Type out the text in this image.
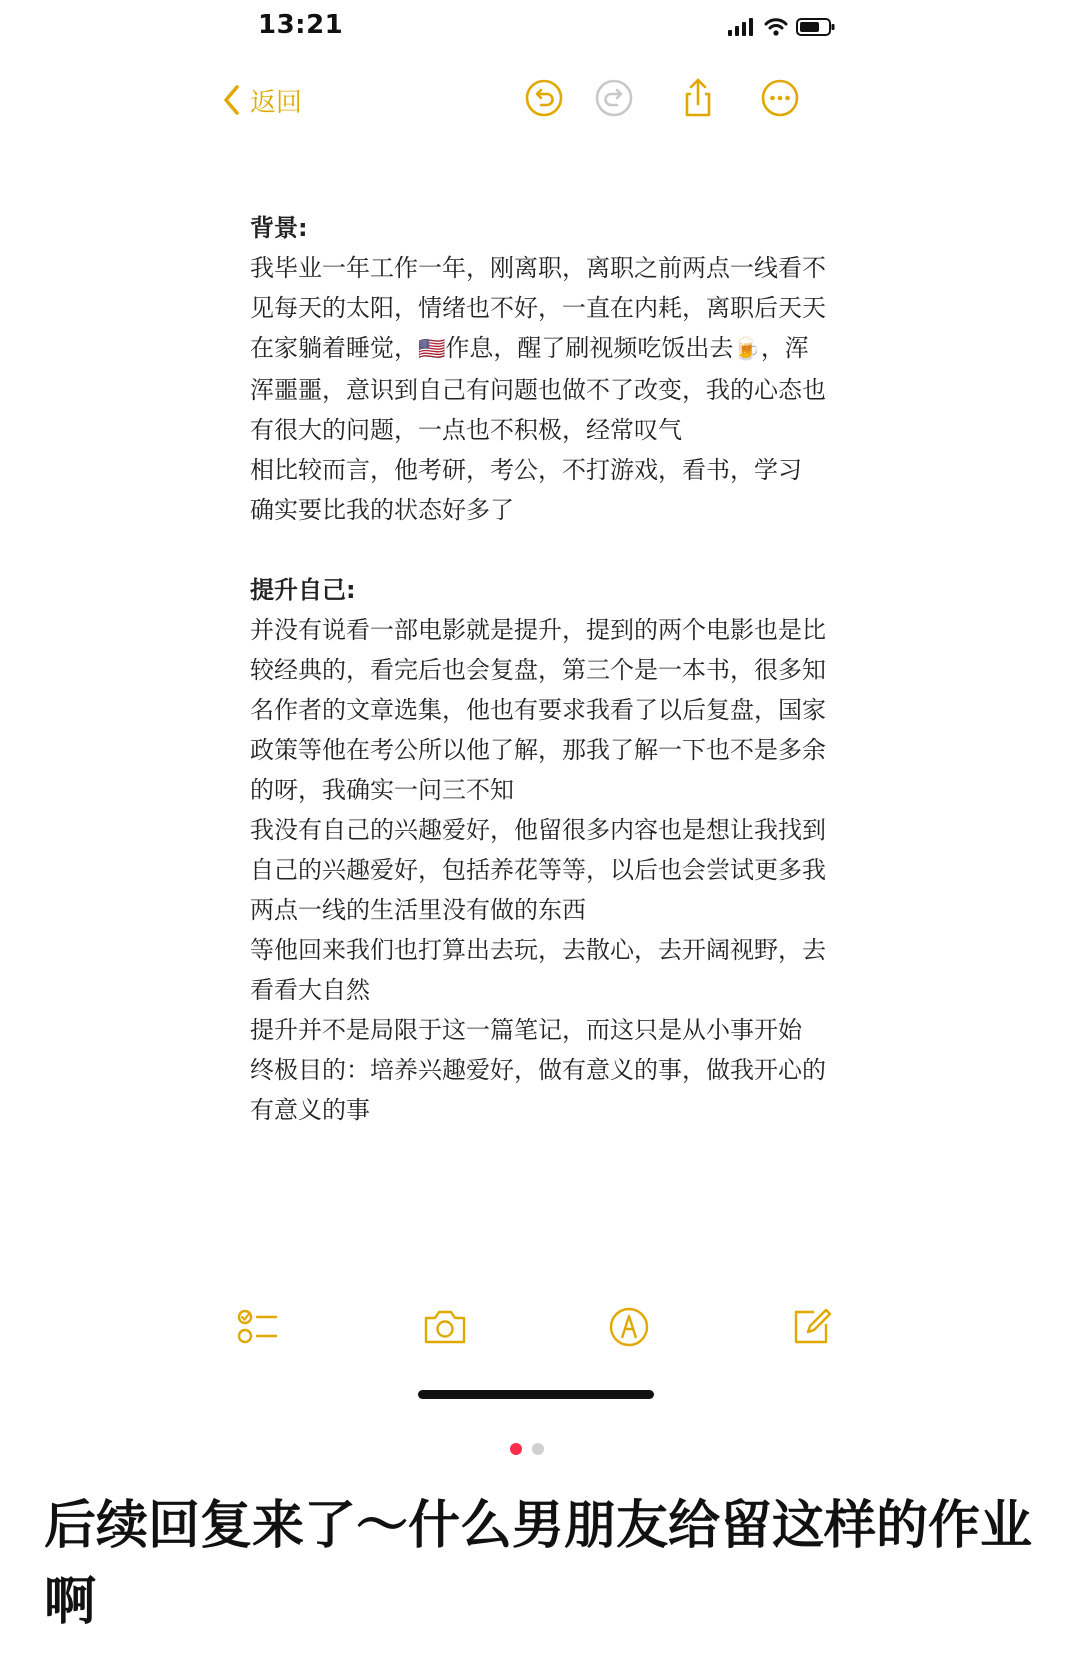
13:21
返回
背景:
我毕业一年工作一年，刚离职，离职之前两点一线看不见每天的太阳，情绪也不好，一直在内耗，离职后天天在家躺着睡觉，🇺🇸作息，醒了刷视频吃饭出去🍺，浑浑噩噩，意识到自己有问题也做不了改变，我的心态也有很大的问题，一点也不积极，经常叹气
相比较而言，他考研，考公，不打游戏，看书，学习
确实要比我的状态好多了
提升自己:
并没有说看一部电影就是提升，提到的两个电影也是比较经典的，看完后也会复盘，第三个是一本书，很多知名作者的文章选集，他也有要求我看了以后复盘，国家政策等他在考公所以他了解，那我了解一下也不是多余的呀，我确实一问三不知
我没有自己的兴趣爱好，他留很多内容也是想让我找到自己的兴趣爱好，包括养花等等，以后也会尝试更多我两点一线的生活里没有做的东西
等他回来我们也打算出去玩，去散心，去开阔视野，去看看大自然
提升并不是局限于这一篇笔记，而这只是从小事开始
终极目的：培养兴趣爱好，做有意义的事，做我开心的有意义的事
后续回复来了～什么男朋友给留这样的作业啊
